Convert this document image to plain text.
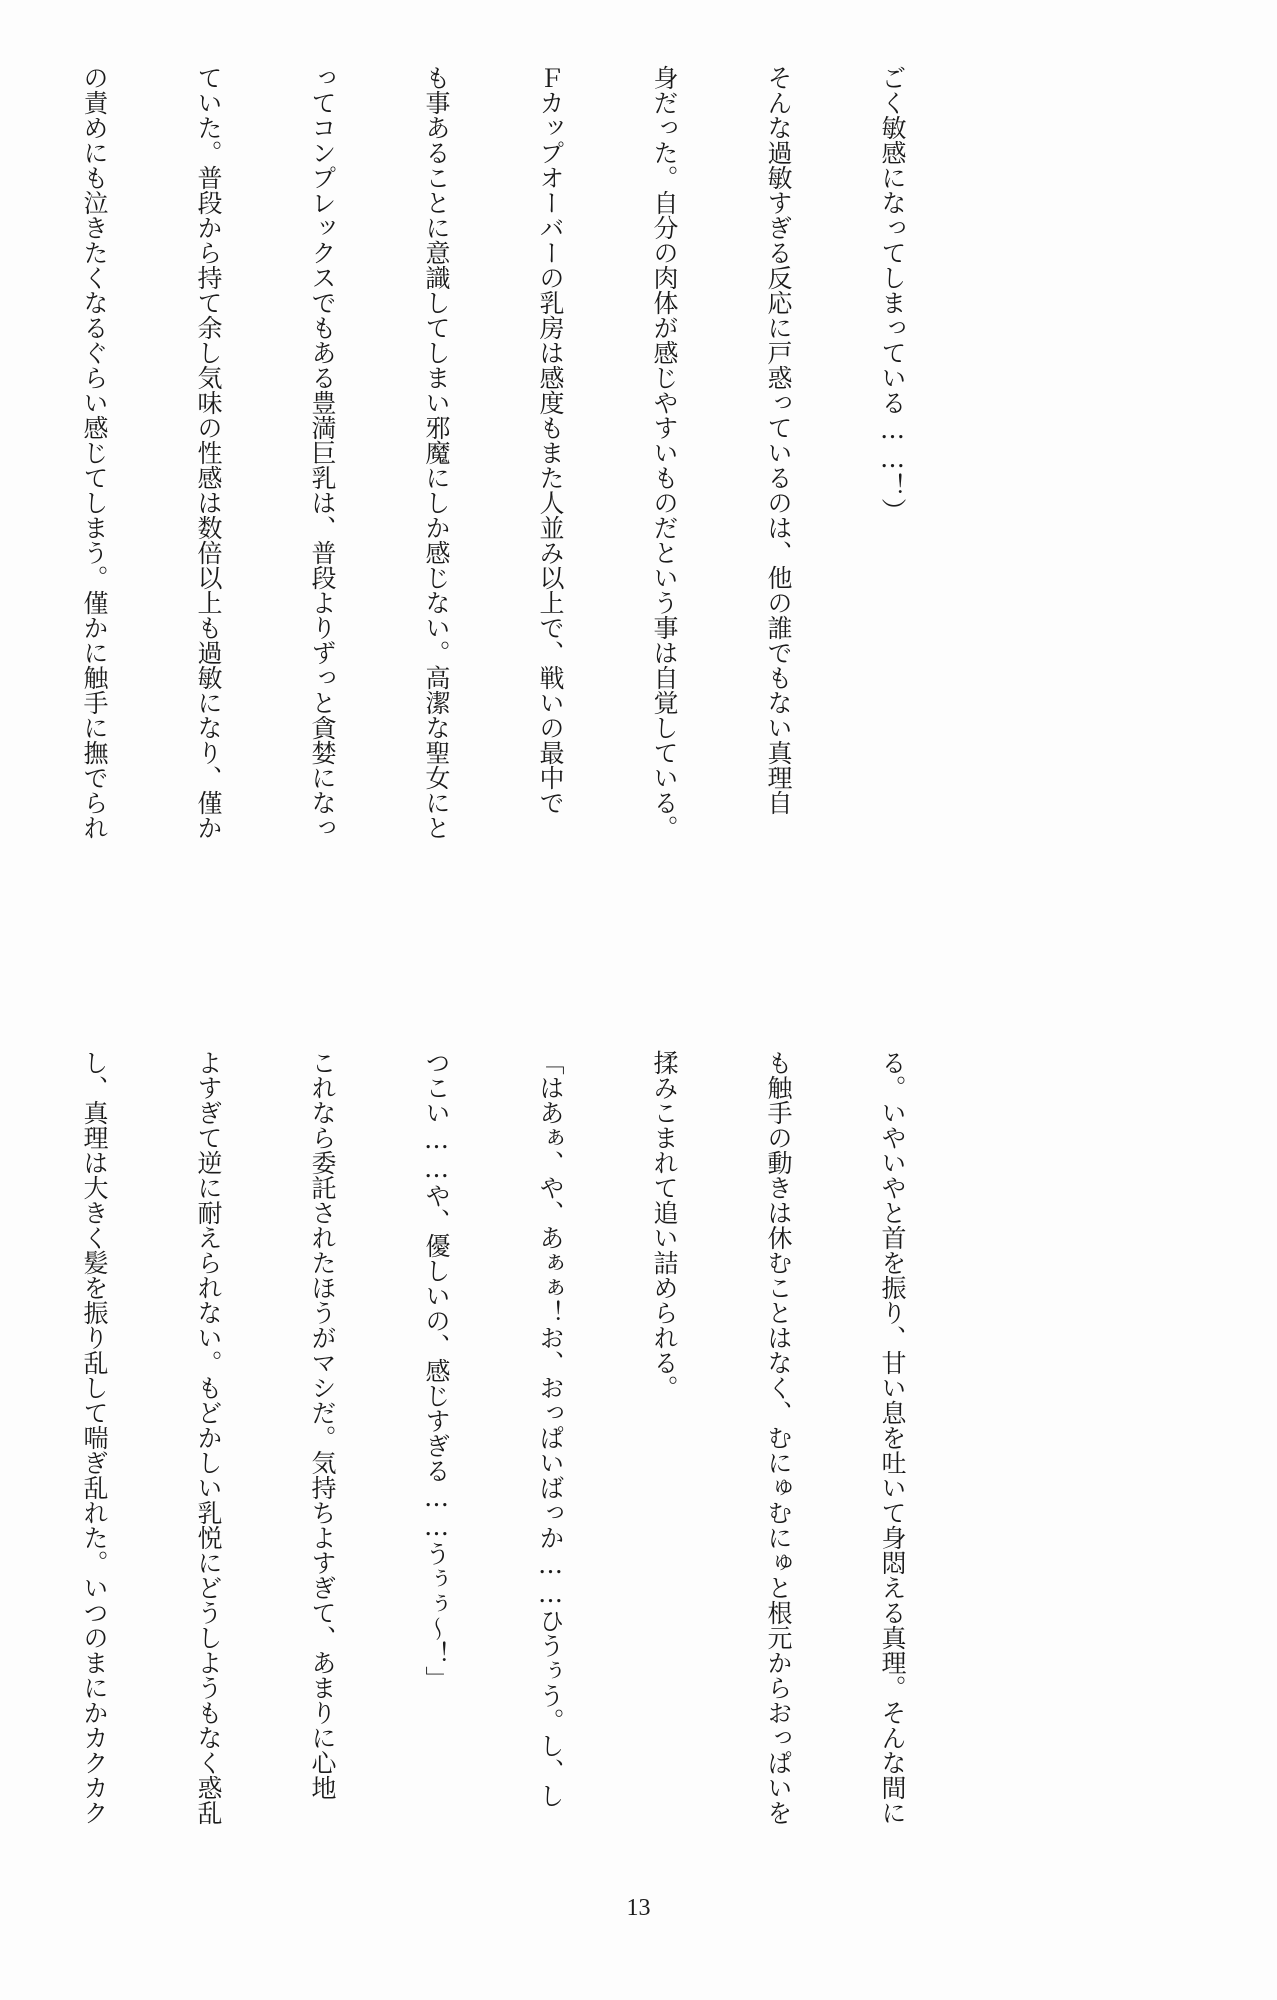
ごく敏感になってしまっている……！）

そんな過敏すぎる反応に戸惑っているのは、他の誰でもない真理自

身だった。自分の肉体が感じやすいものだという事は自覚している。

Ｆカップオーバーの乳房は感度もまた人並み以上で、戦いの最中で

も事あることに意識してしまい邪魔にしか感じない。高潔な聖女にと

ってコンプレックスでもある豊満巨乳は、普段よりずっと貪婪になっ

ていた。普段から持て余し気味の性感は数倍以上も過敏になり、僅か

の責めにも泣きたくなるぐらい感じてしまう。僅かに触手に撫でられ

る。いやいやと首を振り、甘い息を吐いて身悶える真理。そんな間に

も触手の動きは休むことはなく、むにゅむにゅと根元からおっぱいを

揉みこまれて追い詰められる。

「はあぁ、や、あぁぁ！お、おっぱいばっか……ひうぅう。し、し

つこい……や、優しいの、感じすぎる……うぅぅ〜！」

これなら委託されたほうがマシだ。気持ちよすぎて、あまりに心地

よすぎて逆に耐えられない。もどかしい乳悦にどうしようもなく惑乱

し、真理は大きく髪を振り乱して喘ぎ乱れた。いつのまにかカクカク

13
